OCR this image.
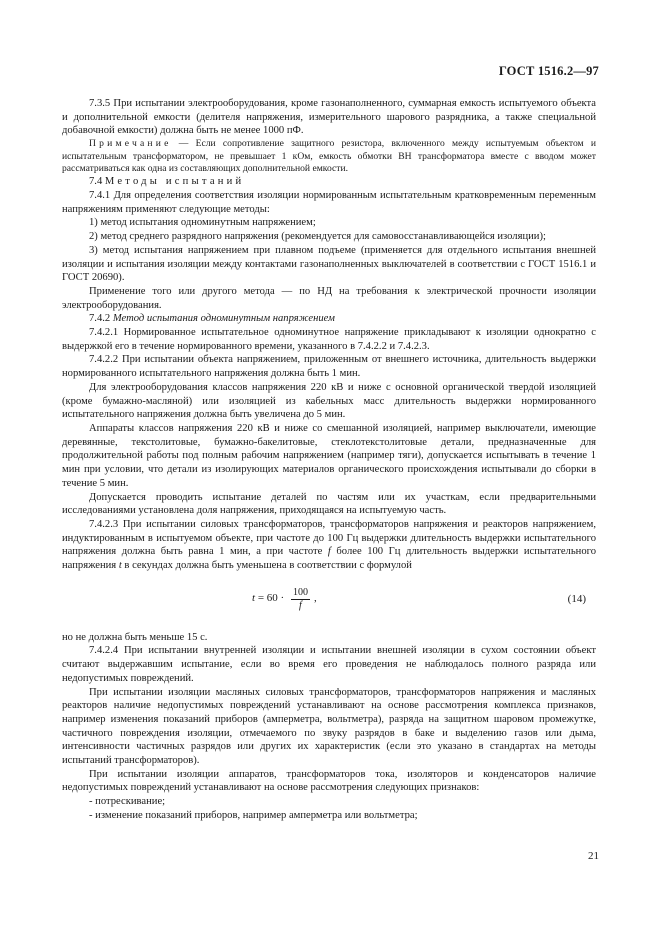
ГОСТ 1516.2—97

7.3.5 При испытании электрооборудования, кроме газонаполненного, суммарная емкость испытуемого объекта и дополнительной емкости (делителя напряжения, измерительного шарового разрядника, а также специальной добавочной емкости) должна быть не менее 1000 пФ.

Примечание — Если сопротивление защитного резистора, включенного между испытуемым объектом и испытательным трансформатором, не превышает 1 кОм, емкость обмотки ВН трансформатора вместе с вводом может рассматриваться как одна из составляющих дополнительной емкости.

7.4 Методы испытаний

7.4.1 Для определения соответствия изоляции нормированным испытательным кратковременным переменным напряжениям применяют следующие методы:

1) метод испытания одноминутным напряжением;

2) метод среднего разрядного напряжения (рекомендуется для самовосстанавливающейся изоляции);

3) метод испытания напряжением при плавном подъеме (применяется для отдельного испытания внешней изоляции и испытания изоляции между контактами газонаполненных выключателей в соответствии с ГОСТ 1516.1 и ГОСТ 20690).

Применение того или другого метода — по НД на требования к электрической прочности изоляции электрооборудования.

7.4.2 Метод испытания одноминутным напряжением

7.4.2.1 Нормированное испытательное одноминутное напряжение прикладывают к изоляции однократно с выдержкой его в течение нормированного времени, указанного в 7.4.2.2 и 7.4.2.3.

7.4.2.2 При испытании объекта напряжением, приложенным от внешнего источника, длительность выдержки нормированного испытательного напряжения должна быть 1 мин.

Для электрооборудования классов напряжения 220 кВ и ниже с основной органической твердой изоляцией (кроме бумажно-масляной) или изоляцией из кабельных масс длительность выдержки нормированного испытательного напряжения должна быть увеличена до 5 мин.

Аппараты классов напряжения 220 кВ и ниже со смешанной изоляцией, например выключатели, имеющие деревянные, текстолитовые, бумажно-бакелитовые, стеклотекстолитовые детали, предназначенные для продолжительной работы под полным рабочим напряжением (например тяги), допускается испытывать в течение 1 мин при условии, что детали из изолирующих материалов органического происхождения испытывали до сборки в течение 5 мин.

Допускается проводить испытание деталей по частям или их участкам, если предварительными исследованиями установлена доля напряжения, приходящаяся на испытуемую часть.

7.4.2.3 При испытании силовых трансформаторов, трансформаторов напряжения и реакторов напряжением, индуктированным в испытуемом объекте, при частоте до 100 Гц выдержки длительность выдержки испытательного напряжения должна быть равна 1 мин, а при частоте f более 100 Гц длительность выдержки испытательного напряжения t в секундах должна быть уменьшена в соответствии с формулой

$t = 60 \cdot \frac{100}{f}$ ,	(14)

но не должна быть меньше 15 с.

7.4.2.4 При испытании внутренней изоляции и испытании внешней изоляции в сухом состоянии объект считают выдержавшим испытание, если во время его проведения не наблюдалось полного разряда или недопустимых повреждений.

При испытании изоляции масляных силовых трансформаторов, трансформаторов напряжения и масляных реакторов наличие недопустимых повреждений устанавливают на основе рассмотрения комплекса признаков, например изменения показаний приборов (амперметра, вольтметра), разряда на защитном шаровом промежутке, частичного повреждения изоляции, отмечаемого по звуку разрядов в баке и выделению газов или дыма, интенсивности частичных разрядов или других их характеристик (если это указано в стандартах на методы испытаний трансформаторов).

При испытании изоляции аппаратов, трансформаторов тока, изоляторов и конденсаторов наличие недопустимых повреждений устанавливают на основе рассмотрения следующих признаков:

- потрескивание;

- изменение показаний приборов, например амперметра или вольтметра;

21
